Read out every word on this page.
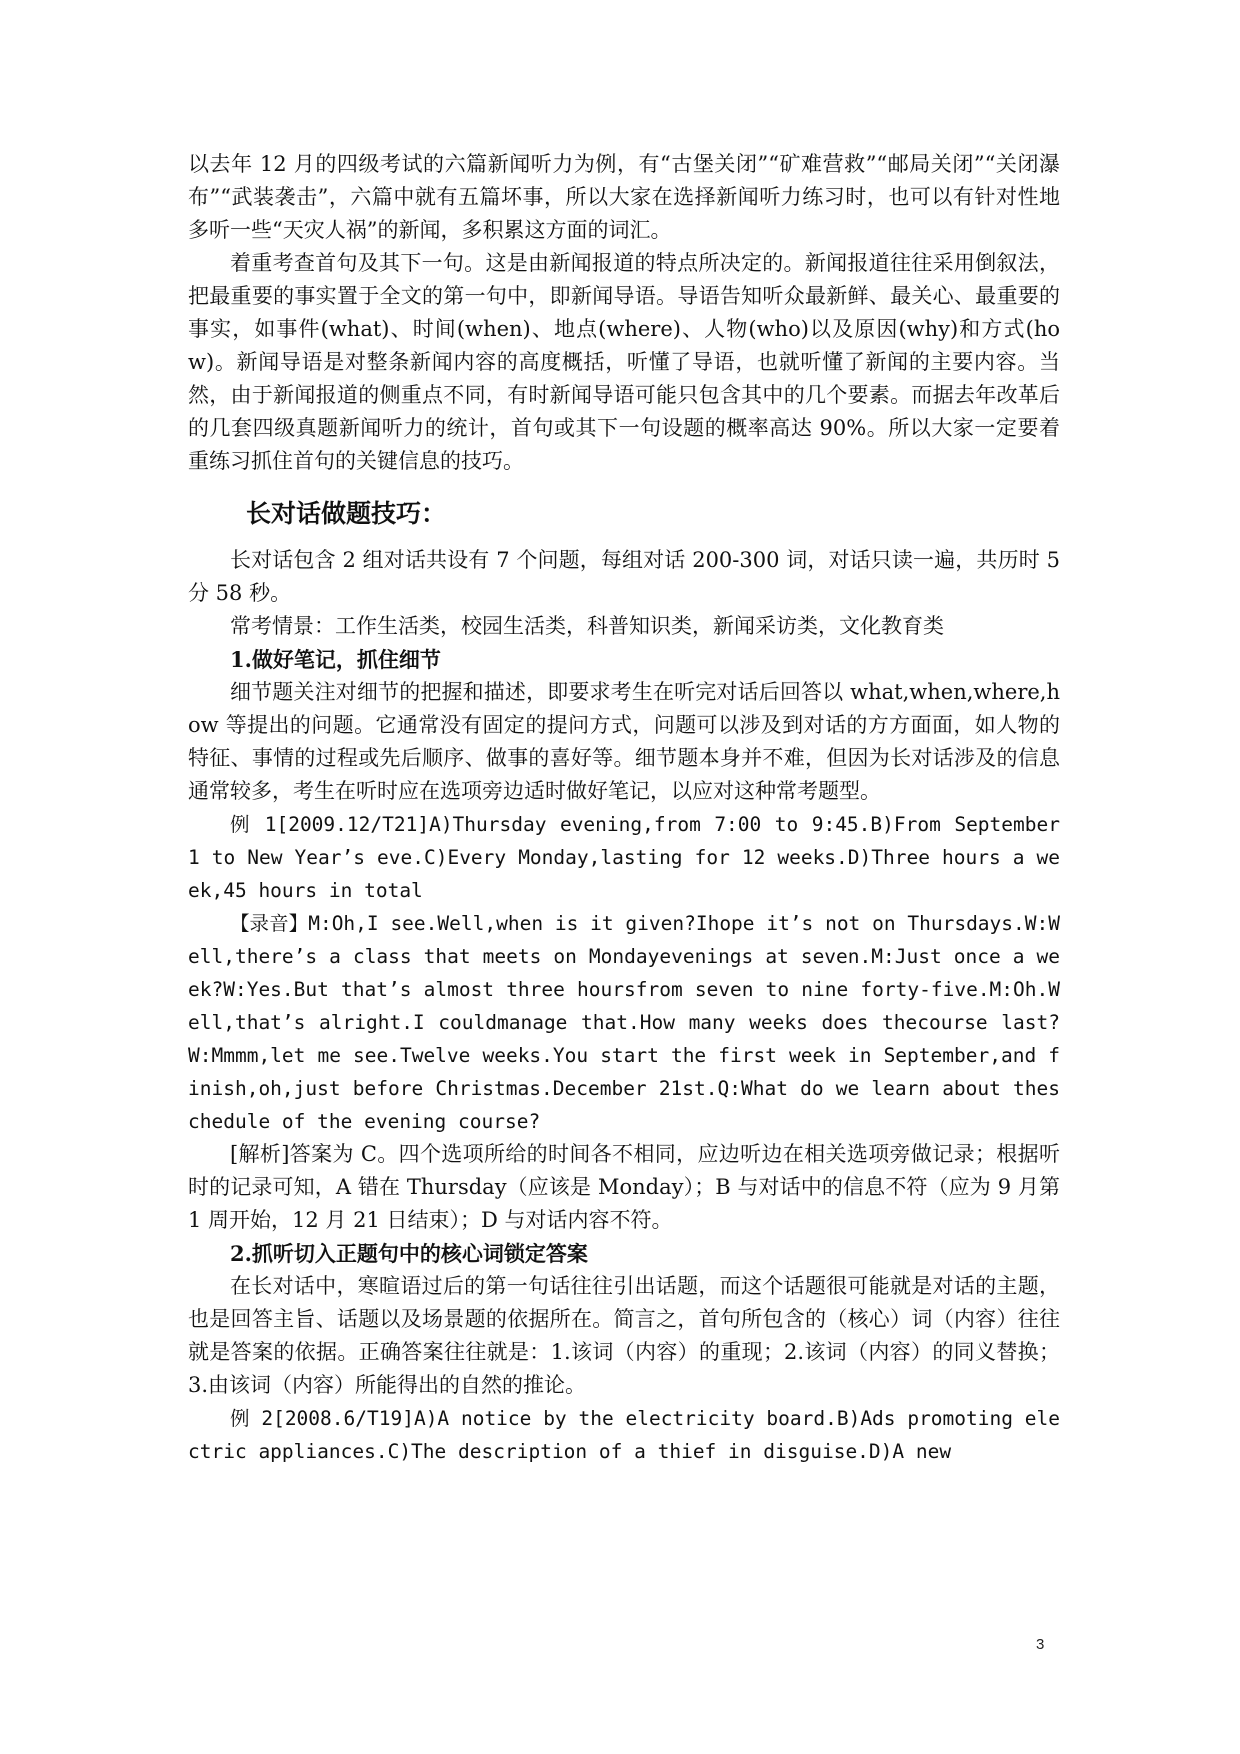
以去年 12 月的四级考试的六篇新闻听力为例，有“古堡关闭”“矿难营救”“邮局关闭”“关闭瀑布”“武装袭击”，六篇中就有五篇坏事，所以大家在选择新闻听力练习时，也可以有针对性地多听一些“天灾人祸”的新闻，多积累这方面的词汇。

着重考查首句及其下一句。这是由新闻报道的特点所决定的。新闻报道往往采用倒叙法，把最重要的事实置于全文的第一句中，即新闻导语。导语告知听众最新鲜、最关心、最重要的事实，如事件(what)、时间(when)、地点(where)、人物(who)以及原因(why)和方式(how)。新闻导语是对整条新闻内容的高度概括，听懂了导语，也就听懂了新闻的主要内容。当然，由于新闻报道的侧重点不同，有时新闻导语可能只包含其中的几个要素。而据去年改革后的几套四级真题新闻听力的统计，首句或其下一句设题的概率高达 90%。所以大家一定要着重练习抓住首句的关键信息的技巧。

长对话做题技巧：

长对话包含 2 组对话共设有 7 个问题，每组对话 200-300 词，对话只读一遍，共历时 5 分 58 秒。

常考情景：工作生活类，校园生活类，科普知识类，新闻采访类，文化教育类

1.做好笔记，抓住细节

细节题关注对细节的把握和描述，即要求考生在听完对话后回答以 what,when,where,how 等提出的问题。它通常没有固定的提问方式，问题可以涉及到对话的方方面面，如人物的特征、事情的过程或先后顺序、做事的喜好等。细节题本身并不难，但因为长对话涉及的信息通常较多，考生在听时应在选项旁边适时做好笔记，以应对这种常考题型。

例 1[2009.12/T21]A)Thursday evening,from 7:00 to 9:45.B)From September 1 to New Year’s eve.C)Every Monday,lasting for 12 weeks.D)Three hours a week,45 hours in total

【录音】M:Oh,I see.Well,when is it given?Ihope it’s not on Thursdays.W:Well,there’s a class that meets on Mondayevenings at seven.M:Just once a week?W:Yes.But that’s almost three hoursfrom seven to nine forty-five.M:Oh.Well,that’s alright.I couldmanage that.How many weeks does thecourse last?W:Mmmm,let me see.Twelve weeks.You start the first week in September,and finish,oh,just before Christmas.December 21st.Q:What do we learn about theschedule of the evening course?

[解析]答案为 C。四个选项所给的时间各不相同，应边听边在相关选项旁做记录；根据听时的记录可知，A 错在 Thursday（应该是 Monday）；B 与对话中的信息不符（应为 9 月第 1 周开始，12 月 21 日结束）；D 与对话内容不符。

2.抓听切入正题句中的核心词锁定答案

在长对话中，寒暄语过后的第一句话往往引出话题，而这个话题很可能就是对话的主题，也是回答主旨、话题以及场景题的依据所在。简言之，首句所包含的（核心）词（内容）往往就是答案的依据。正确答案往往就是：1.该词（内容）的重现；2.该词（内容）的同义替换；3.由该词（内容）所能得出的自然的推论。

例 2[2008.6/T19]A)A notice by the electricity board.B)Ads promoting electric appliances.C)The description of a thief in disguise.D)A new

3
